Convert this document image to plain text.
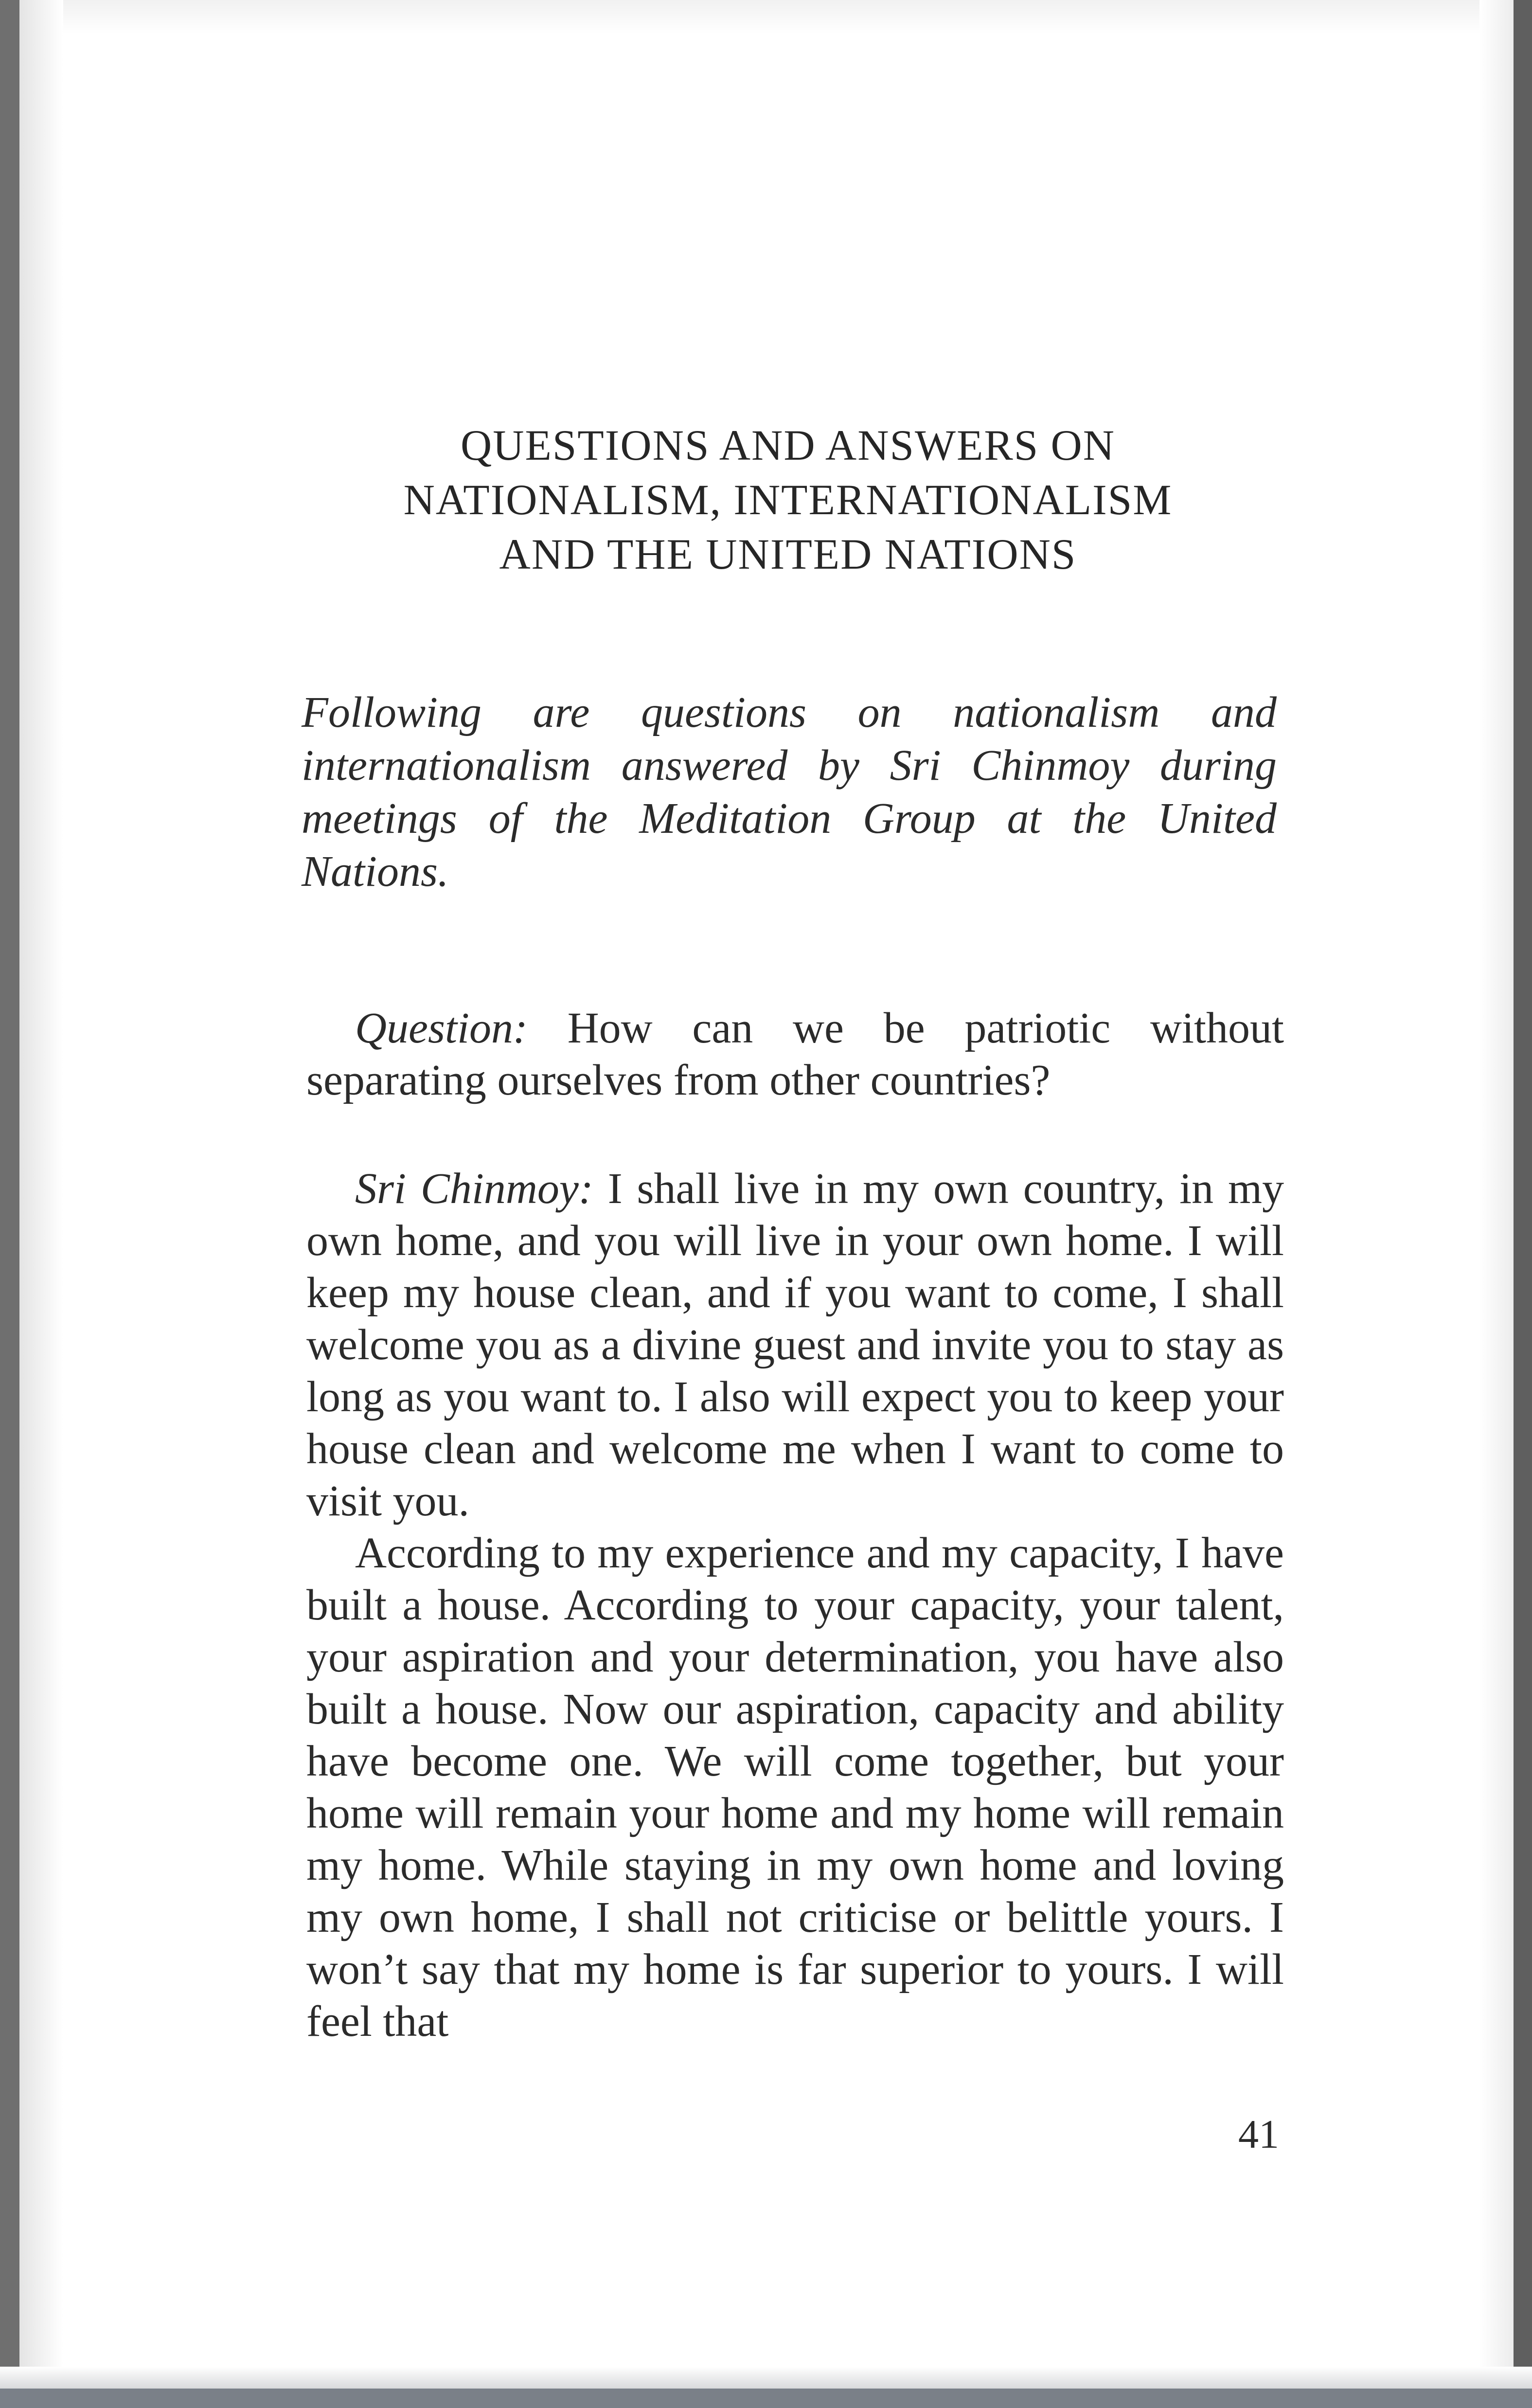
QUESTIONS AND ANSWERS ON
NATIONALISM, INTERNATIONALISM
AND THE UNITED NATIONS
Following are questions on nationalism and internationalism answered by Sri Chinmoy during meetings of the Meditation Group at the United Nations.

Question: How can we be patriotic without separating ourselves from other countries?

Sri Chinmoy: I shall live in my own country, in my own home, and you will live in your own home. I will keep my house clean, and if you want to come, I shall welcome you as a divine guest and invite you to stay as long as you want to. I also will expect you to keep your house clean and welcome me when I want to come to visit you.

According to my experience and my capacity, I have built a house. According to your capacity, your talent, your aspiration and your determination, you have also built a house. Now our aspiration, capacity and ability have become one. We will come together, but your home will remain your home and my home will remain my home. While staying in my own home and loving my own home, I shall not criticise or belittle yours. I won’t say that my home is far superior to yours. I will feel that

41
